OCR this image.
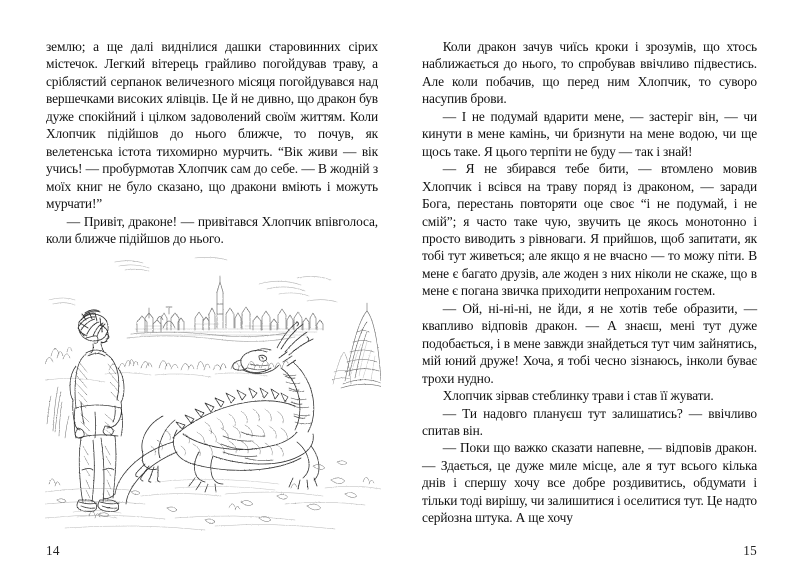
землю; а ще далі виднілися дашки старовинних сірих містечок. Легкий вітерець грайливо погойдував траву, а сріблястий серпанок величезного місяця погойдувався над вершечками високих ялівців. Це й не дивно, що дракон був дуже спокійний і цілком задоволений своїм життям. Коли Хлопчик підійшов до нього ближче, то почув, як велетенська істота тихомирно мурчить. “Вік живи — вік учись! — пробурмотав Хлопчик сам до себе. — В жодній з моїх книг не було сказано, що дракони вміють і можуть мурчати!”

— Привіт, драконе! — привітався Хлопчик впівголоса, коли ближче підійшов до нього.

14

Коли дракон зачув чиїсь кроки і зрозумів, що хтось наближається до нього, то спробував ввічливо підвестись. Але коли побачив, що перед ним Хлопчик, то суворо насупив брови.

— І не подумай вдарити мене, — застеріг він, — чи кинути в мене камінь, чи бризнути на мене водою, чи ще щось таке. Я цього терпіти не буду — так і знай!

— Я не збирався тебе бити, — втомлено мовив Хлопчик і всівся на траву поряд із драконом, — заради Бога, перестань повторяти оце своє “і не подумай, і не смій”; я часто таке чую, звучить це якось монотонно і просто виводить з рівноваги. Я прийшов, щоб запитати, як тобі тут живеться; але якщо я не вчасно — то можу піти. В мене є багато друзів, але жоден з них ніколи не скаже, що в мене є погана звичка приходити непроханим гостем.

— Ой, ні-ні-ні, не йди, я не хотів тебе образити, — квапливо відповів дракон. — А знаєш, мені тут дуже подобається, і в мене завжди знайдеться тут чим зайнятись, мій юний друже! Хоча, я тобі чесно зізнаюсь, інколи буває трохи нудно.

Хлопчик зірвав стеблинку трави і став її жувати.

— Ти надовго плануєш тут залишатись? — ввічливо спитав він.

— Поки що важко сказати напевне, — відповів дракон. — Здається, це дуже миле місце, але я тут всього кілька днів і спершу хочу все добре роздивитись, обдумати і тільки тоді вирішу, чи залишитися і оселитися тут. Це надто серйозна штука. А ще хочу

15
